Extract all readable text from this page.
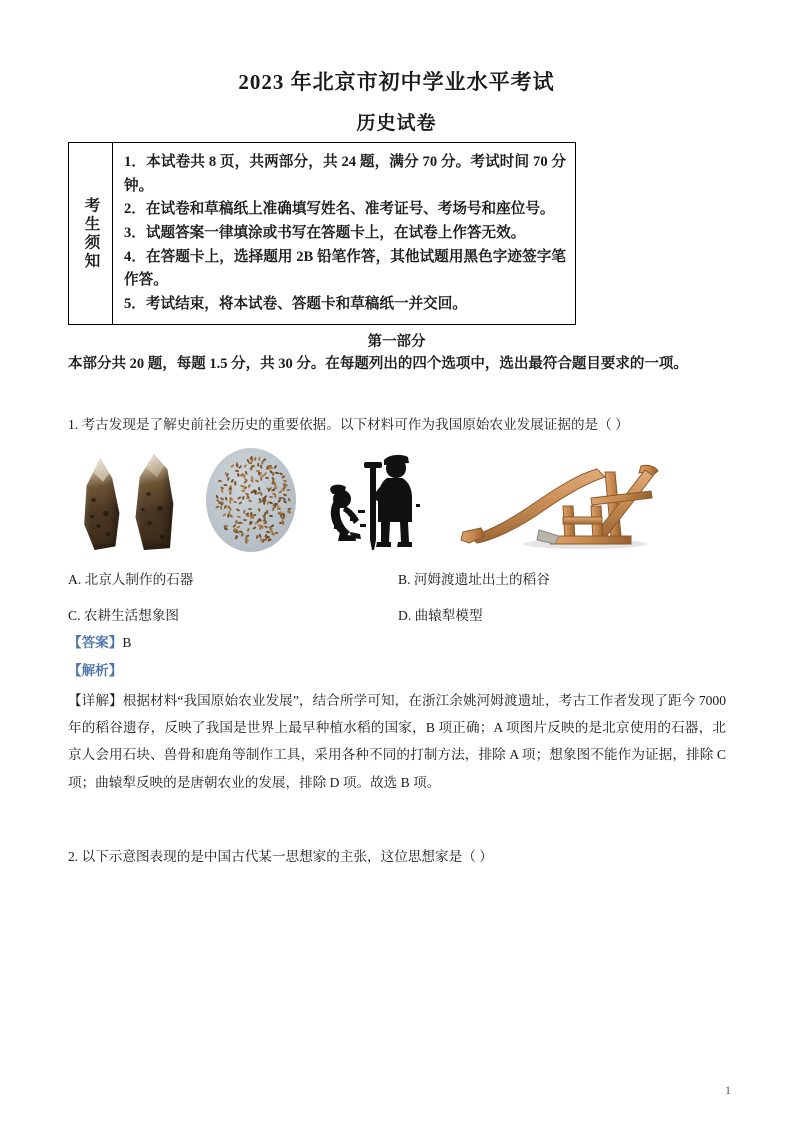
2023 年北京市初中学业水平考试
历史试卷
考生须知

1．本试卷共 8 页，共两部分，共 24 题，满分 70 分。考试时间 70 分钟。

2．在试卷和草稿纸上准确填写姓名、准考证号、考场号和座位号。

3．试题答案一律填涂或书写在答题卡上，在试卷上作答无效。

4．在答题卡上，选择题用 2B 铅笔作答，其他试题用黑色字迹签字笔作答。

5．考试结束，将本试卷、答题卡和草稿纸一并交回。

第一部分
本部分共 20 题，每题 1.5 分，共 30 分。在每题列出的四个选项中，选出最符合题目要求的一项。
1. 考古发现是了解史前社会历史的重要依据。以下材料可作为我国原始农业发展证据的是（ ）
A. 北京人制作的石器	B. 河姆渡遗址出土的稻谷
C. 农耕生活想象图	D. 曲辕犁模型
【答案】B
【解析】
【详解】根据材料“我国原始农业发展”，结合所学可知，在浙江余姚河姆渡遗址，考古工作者发现了距今 7000 年的稻谷遗存，反映了我国是世界上最早种植水稻的国家，B 项正确；A 项图片反映的是北京使用的石器，北京人会用石块、兽骨和鹿角等制作工具，采用各种不同的打制方法，排除 A 项；想象图不能作为证据，排除 C 项；曲辕犁反映的是唐朝农业的发展，排除 D 项。故选 B 项。
2. 以下示意图表现的是中国古代某一思想家的主张，这位思想家是（ ）
1
